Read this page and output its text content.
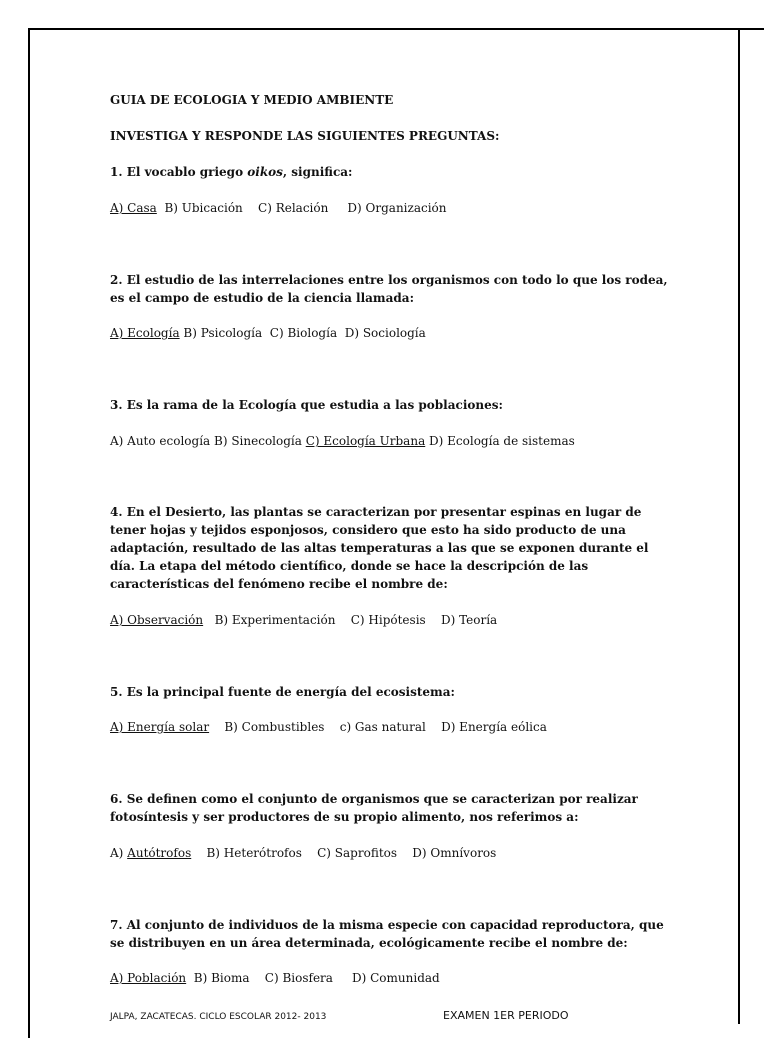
GUIA DE ECOLOGIA Y MEDIO AMBIENTE
INVESTIGA Y RESPONDE LAS SIGUIENTES PREGUNTAS:
1. El vocablo griego oikos, significa:
A) Casa  B) Ubicación    C) Relación     D) Organización
2. El estudio de las interrelaciones entre los organismos con todo lo que los rodea,
es el campo de estudio de la ciencia llamada:
A) Ecología B) Psicología  C) Biología  D) Sociología
3. Es la rama de la Ecología que estudia a las poblaciones:
A) Auto ecología B) Sinecología C) Ecología Urbana D) Ecología de sistemas
4. En el Desierto, las plantas se caracterizan por presentar espinas en lugar de
tener hojas y tejidos esponjosos, considero que esto ha sido producto de una
adaptación, resultado de las altas temperaturas a las que se exponen durante el
día. La etapa del método científico, donde se hace la descripción de las
características del fenómeno recibe el nombre de:
A) Observación   B) Experimentación    C) Hipótesis    D) Teoría
5. Es la principal fuente de energía del ecosistema:
A) Energía solar    B) Combustibles    c) Gas natural    D) Energía eólica
6. Se definen como el conjunto de organismos que se caracterizan por realizar
fotosíntesis y ser productores de su propio alimento, nos referimos a:
A) Autótrofos    B) Heterótrofos    C) Saprofitos    D) Omnívoros
7. Al conjunto de individuos de la misma especie con capacidad reproductora, que
se distribuyen en un área determinada, ecológicamente recibe el nombre de:
A) Población  B) Bioma    C) Biosfera     D) Comunidad
JALPA, ZACATECAS. CICLO ESCOLAR 2012- 2013	EXAMEN 1ER PERIODO
